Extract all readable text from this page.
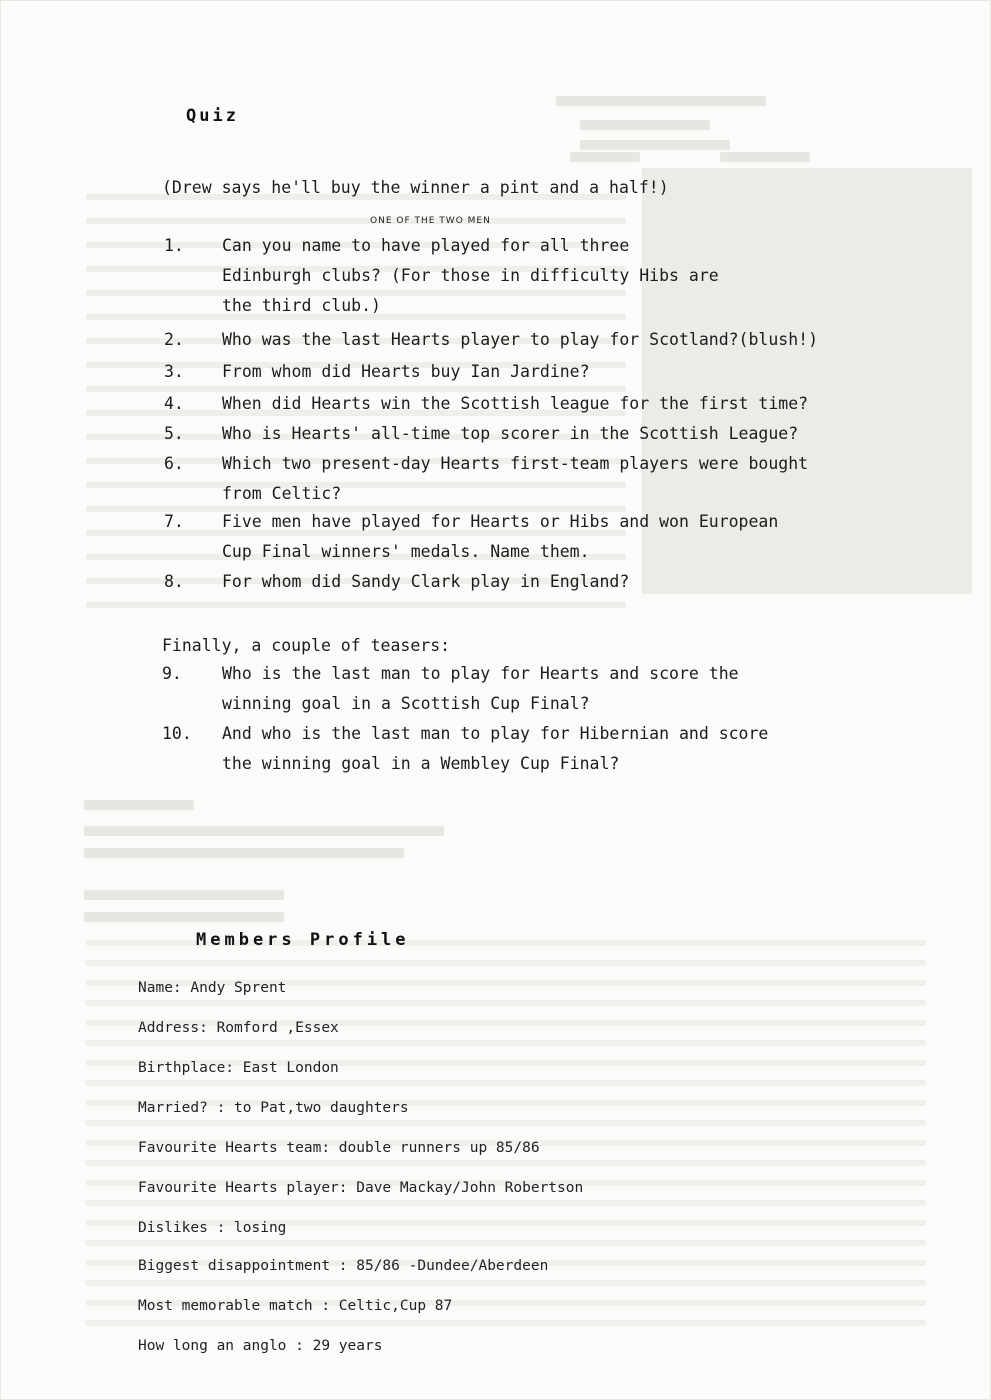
Quiz
(Drew says he'll buy the winner a pint and a half!)
ONE OF THE TWO MEN
1. Can you name to have played for all three
Edinburgh clubs? (For those in difficulty Hibs are
the third club.)
2. Who was the last Hearts player to play for Scotland?(blush!)
3. From whom did Hearts buy Ian Jardine?
4. When did Hearts win the Scottish league for the first time?
5. Who is Hearts' all-time top scorer in the Scottish League?
6. Which two present-day Hearts first-team players were bought
from Celtic?
7. Five men have played for Hearts or Hibs and won European
Cup Final winners' medals. Name them.
8. For whom did Sandy Clark play in England?
Finally, a couple of teasers:
9. Who is the last man to play for Hearts and score the
winning goal in a Scottish Cup Final?
10. And who is the last man to play for Hibernian and score
the winning goal in a Wembley Cup Final?
Members Profile
Name: Andy Sprent
Address: Romford ,Essex
Birthplace: East London
Married? : to Pat,two daughters
Favourite Hearts team: double runners up 85/86
Favourite Hearts player: Dave Mackay/John Robertson
Dislikes : losing
Biggest disappointment : 85/86 -Dundee/Aberdeen
Most memorable match : Celtic,Cup 87
How long an anglo : 29 years
